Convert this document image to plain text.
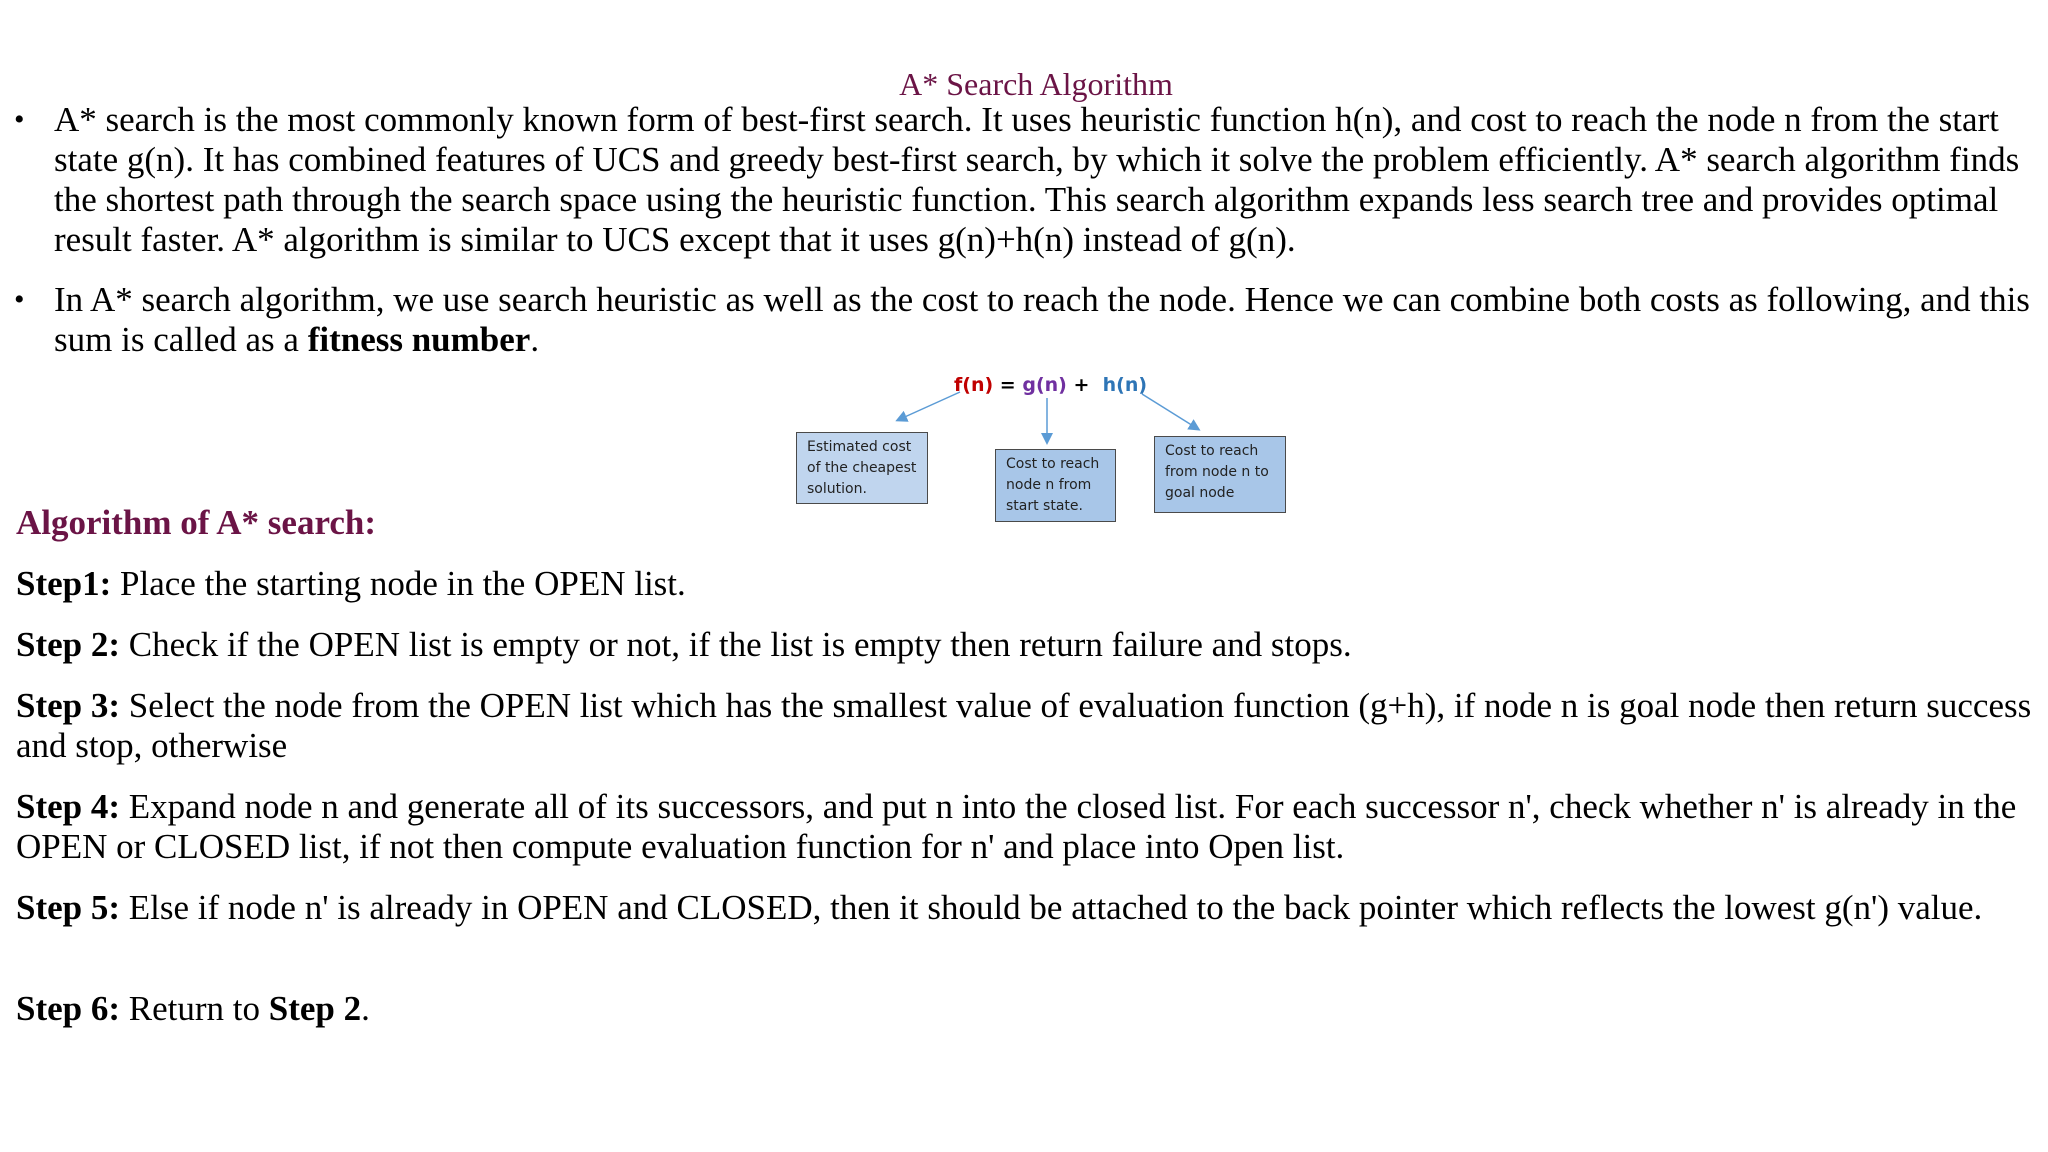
A* Search Algorithm
• A* search is the most commonly known form of best-first search. It uses heuristic function h(n), and cost to reach the node n from the start state g(n). It has combined features of UCS and greedy best-first search, by which it solve the problem efficiently. A* search algorithm finds the shortest path through the search space using the heuristic function. This search algorithm expands less search tree and provides optimal result faster. A* algorithm is similar to UCS except that it uses g(n)+h(n) instead of g(n).
• In A* search algorithm, we use search heuristic as well as the cost to reach the node. Hence we can combine both costs as following, and this sum is called as a fitness number.
f(n) = g(n) + h(n)
Estimated cost
of the cheapest
solution.
Cost to reach
node n from
start state.
Cost to reach
from node n to
goal node
Algorithm of A* search:
Step1: Place the starting node in the OPEN list.
Step 2: Check if the OPEN list is empty or not, if the list is empty then return failure and stops.
Step 3: Select the node from the OPEN list which has the smallest value of evaluation function (g+h), if node n is goal node then return success and stop, otherwise
Step 4: Expand node n and generate all of its successors, and put n into the closed list. For each successor n', check whether n' is already in the OPEN or CLOSED list, if not then compute evaluation function for n' and place into Open list.
Step 5: Else if node n' is already in OPEN and CLOSED, then it should be attached to the back pointer which reflects the lowest g(n') value.
Step 6: Return to Step 2.
